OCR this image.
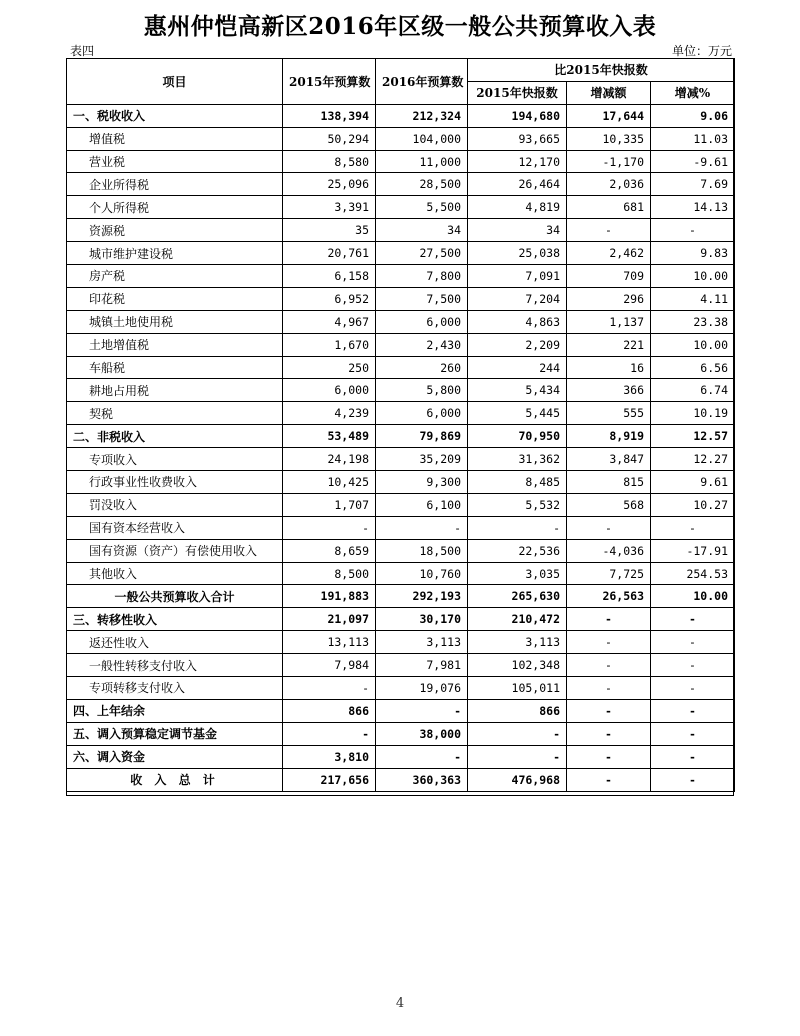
惠州仲恺高新区2016年区级一般公共预算收入表
表四	单位：万元
项目	2015年预算数	2016年预算数	比2015年快报数		
			2015年快报数	增减额	增减%
一、税收收入	138,394	212,324	194,680	17,644	9.06
增值税	50,294	104,000	93,665	10,335	11.03
营业税	8,580	11,000	12,170	-1,170	-9.61
企业所得税	25,096	28,500	26,464	2,036	7.69
个人所得税	3,391	5,500	4,819	681	14.13
资源税	35	34	34	-	-
城市维护建设税	20,761	27,500	25,038	2,462	9.83
房产税	6,158	7,800	7,091	709	10.00
印花税	6,952	7,500	7,204	296	4.11
城镇土地使用税	4,967	6,000	4,863	1,137	23.38
土地增值税	1,670	2,430	2,209	221	10.00
车船税	250	260	244	16	6.56
耕地占用税	6,000	5,800	5,434	366	6.74
契税	4,239	6,000	5,445	555	10.19
二、非税收入	53,489	79,869	70,950	8,919	12.57
专项收入	24,198	35,209	31,362	3,847	12.27
行政事业性收费收入	10,425	9,300	8,485	815	9.61
罚没收入	1,707	6,100	5,532	568	10.27
国有资本经营收入	-	-	-	-	-
国有资源（资产）有偿使用收入	8,659	18,500	22,536	-4,036	-17.91
其他收入	8,500	10,760	3,035	7,725	254.53
一般公共预算收入合计	191,883	292,193	265,630	26,563	10.00
三、转移性收入	21,097	30,170	210,472	-	-
返还性收入	13,113	3,113	3,113	-	-
一般性转移支付收入	7,984	7,981	102,348	-	-
专项转移支付收入	-	19,076	105,011	-	-
四、上年结余	866	-	866	-	-
五、调入预算稳定调节基金	-	38,000	-	-	-
六、调入资金	3,810	-	-	-	-
收 入 总 计	217,656	360,363	476,968	-	-
4
